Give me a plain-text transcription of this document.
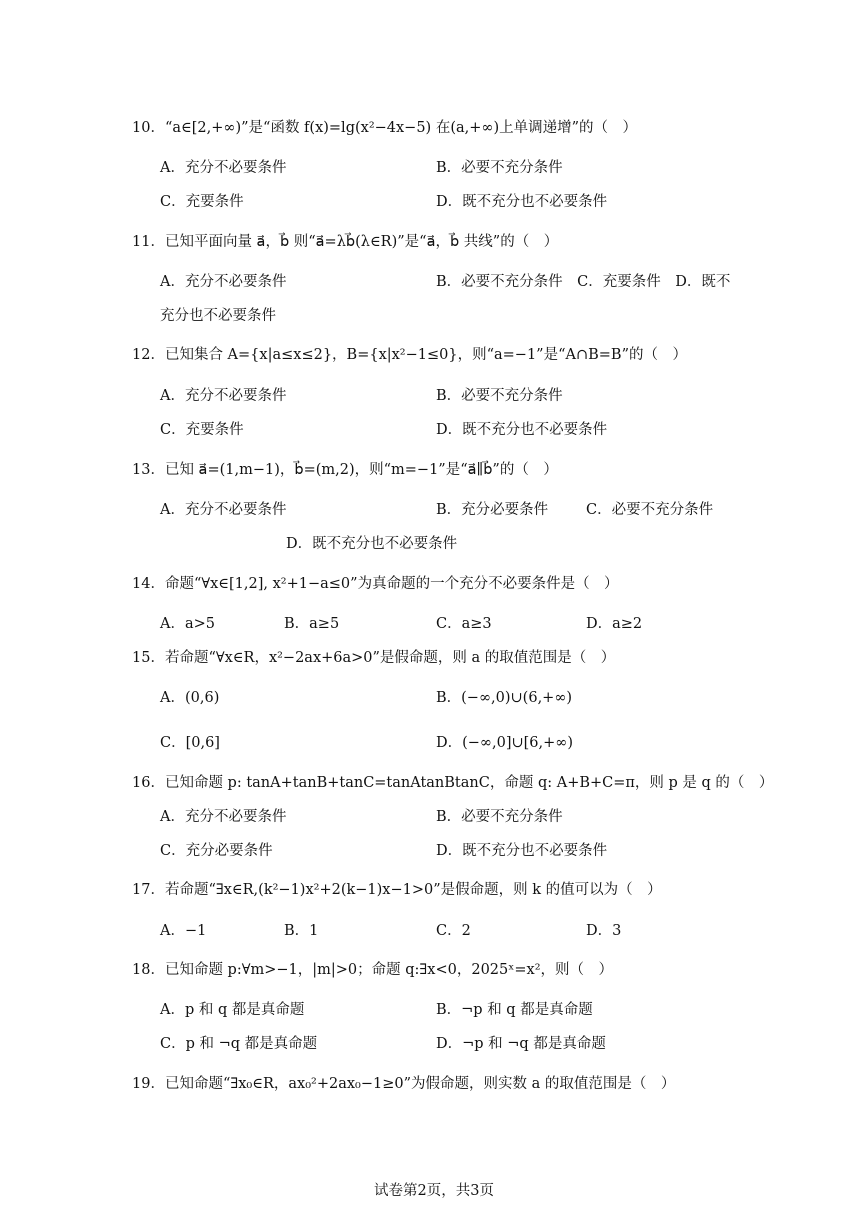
10．“a∈[2,+∞)”是“函数 f(x)=lg(x²−4x−5) 在(a,+∞)上单调递增”的（　）
A．充分不必要条件	B．必要不充分条件
C．充要条件	D．既不充分也不必要条件
11．已知平面向量 a⃗，b⃗ 则“a⃗=λb⃗(λ∈R)”是“a⃗，b⃗ 共线”的（　）
A．充分不必要条件	B．必要不充分条件　C．充要条件　D．既不
充分也不必要条件
12．已知集合 A={x|a≤x≤2}，B={x|x²−1≤0}，则“a=−1”是“A∩B=B”的（　）
A．充分不必要条件	B．必要不充分条件
C．充要条件	D．既不充分也不必要条件
13．已知 a⃗=(1,m−1)，b⃗=(m,2)，则“m=−1”是“a⃗∥b⃗”的（　）
A．充分不必要条件	B．充分必要条件	C．必要不充分条件
D．既不充分也不必要条件
14．命题“∀x∈[1,2], x²+1−a≤0”为真命题的一个充分不必要条件是（　）
A．a>5	B．a≥5	C．a≥3	D．a≥2
15．若命题“∀x∈R，x²−2ax+6a>0”是假命题，则 a 的取值范围是（　）
A．(0,6)	B．(−∞,0)∪(6,+∞)
C．[0,6]	D．(−∞,0]∪[6,+∞)
16．已知命题 p: tanA+tanB+tanC=tanAtanBtanC，命题 q: A+B+C=π，则 p 是 q 的（　）
A．充分不必要条件	B．必要不充分条件
C．充分必要条件	D．既不充分也不必要条件
17．若命题“∃x∈R,(k²−1)x²+2(k−1)x−1>0”是假命题，则 k 的值可以为（　）
A．−1	B．1	C．2	D．3
18．已知命题 p:∀m>−1，|m|>0；命题 q:∃x<0，2025ˣ=x²，则（　）
A．p 和 q 都是真命题	B．¬p 和 q 都是真命题
C．p 和 ¬q 都是真命题	D．¬p 和 ¬q 都是真命题
19．已知命题“∃x₀∈R，ax₀²+2ax₀−1≥0”为假命题，则实数 a 的取值范围是（　）
试卷第2页，共3页
